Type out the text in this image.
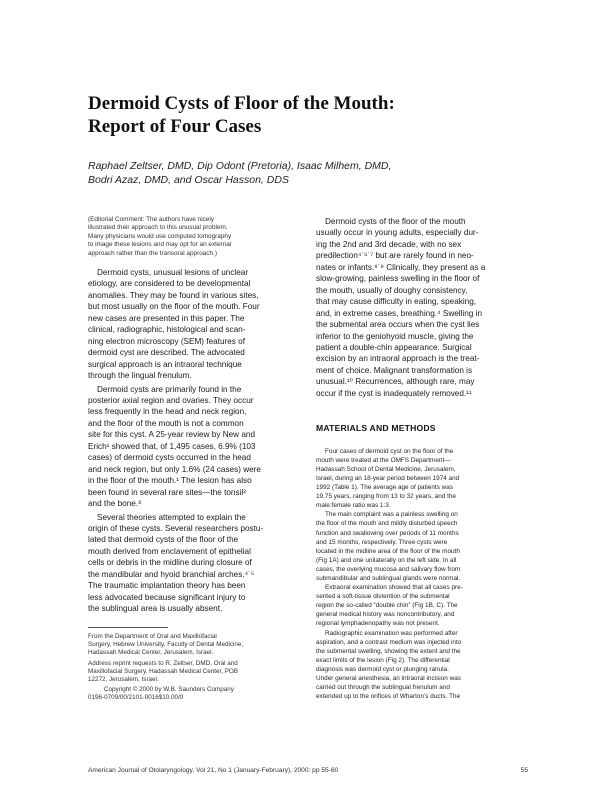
Dermoid Cysts of Floor of the Mouth:
Report of Four Cases
Raphael Zeltser, DMD, Dip Odont (Pretoria), Isaac Milhem, DMD,
Bodri Azaz, DMD, and Oscar Hasson, DDS
(Editorial Comment: The authors have nicely
illustrated their approach to this unusual problem.
Many physicians would use computed tomography
to image these lesions and may opt for an external
approach rather than the transoral approach.)
Dermoid cysts, unusual lesions of unclear
etiology, are considered to be developmental
anomalies. They may be found in various sites,
but most usually on the floor of the mouth. Four
new cases are presented in this paper. The
clinical, radiographic, histological and scan-
ning electron microscopy (SEM) features of
dermoid cyst are described. The advocated
surgical approach is an intraoral technique
through the lingual frenulum.
Dermoid cysts are primarily found in the
posterior axial region and ovaries. They occur
less frequently in the head and neck region,
and the floor of the mouth is not a common
site for this cyst. A 25-year review by New and
Erich¹ showed that, of 1,495 cases, 6.9% (103
cases) of dermoid cysts occurred in the head
and neck region, but only 1.6% (24 cases) were
in the floor of the mouth.¹ The lesion has also
been found in several rare sites—the tonsil²
and the bone.³
Several theories attempted to explain the
origin of these cysts. Several researchers postu-
lated that dermoid cysts of the floor of the
mouth derived from enclavement of epithelial
cells or debris in the midline during closure of
the mandibular and hyoid branchial arches.⁴˙⁵
The traumatic implantation theory has been
less advocated because significant injury to
the sublingual area is usually absent.
Dermoid cysts of the floor of the mouth
usually occur in young adults, especially dur-
ing the 2nd and 3rd decade, with no sex
predilection⁴˙⁶˙⁷ but are rarely found in neo-
nates or infants.⁸˙⁹ Clinically, they present as a
slow-growing, painless swelling in the floor of
the mouth, usually of doughy consistency,
that may cause difficulty in eating, speaking,
and, in extreme cases, breathing.⁴ Swelling in
the submental area occurs when the cyst lies
inferior to the geniohyoid muscle, giving the
patient a double-chin appearance. Surgical
excision by an intraoral approach is the treat-
ment of choice. Malignant transformation is
unusual.¹⁰ Recurrences, although rare, may
occur if the cyst is inadequately removed.¹¹
MATERIALS AND METHODS
Four cases of dermoid cyst on the floor of the
mouth were treated at the OMFS Department—
Hadassah School of Dental Medicine, Jerusalem,
Israel, during an 18-year period between 1974 and
1992 (Table 1). The average age of patients was
19.75 years, ranging from 13 to 32 years, and the
male:female ratio was 1:3.
The main complaint was a painless swelling on
the floor of the mouth and mildly disturbed speech
function and swallowing over periods of 11 months
and 15 months, respectively. Three cysts were
located in the midline area of the floor of the mouth
(Fig 1A) and one unilaterally on the left side. In all
cases, the overlying mucosa and salivary flow from
submandibular and sublingual glands were normal.
Extraoral examination showed that all cases pre-
sented a soft-tissue distention of the submental
region the so-called “double chin” (Fig 1B, C). The
general medical history was noncontributory, and
regional lymphadenopathy was not present.
Radiographic examination was performed after
aspiration, and a contrast medium was injected into
the submental swelling, showing the extent and the
exact limits of the lesion (Fig 2). The differential
diagnosis was dermoid cyst or plunging ranula.
Under general anesthesia, an intraoral incision was
carried out through the sublingual frenulum and
extended up to the orifices of Wharton’s ducts. The
From the Department of Oral and Maxillofacial
Surgery, Hebrew University, Faculty of Dental Medicine,
Hadassah Medical Center, Jerusalem, Israel.
Address reprint requests to R. Zeltser, DMD, Oral and
Maxillofacial Surgery, Hadassah Medical Center, POB
12272, Jerusalem, Israel.
Copyright © 2000 by W.B. Saunders Company
0196-0709/00/2101-0016$10.00/0
American Journal of Otolaryngology, Vol 21, No 1 (January-February), 2000: pp 55-60	55
